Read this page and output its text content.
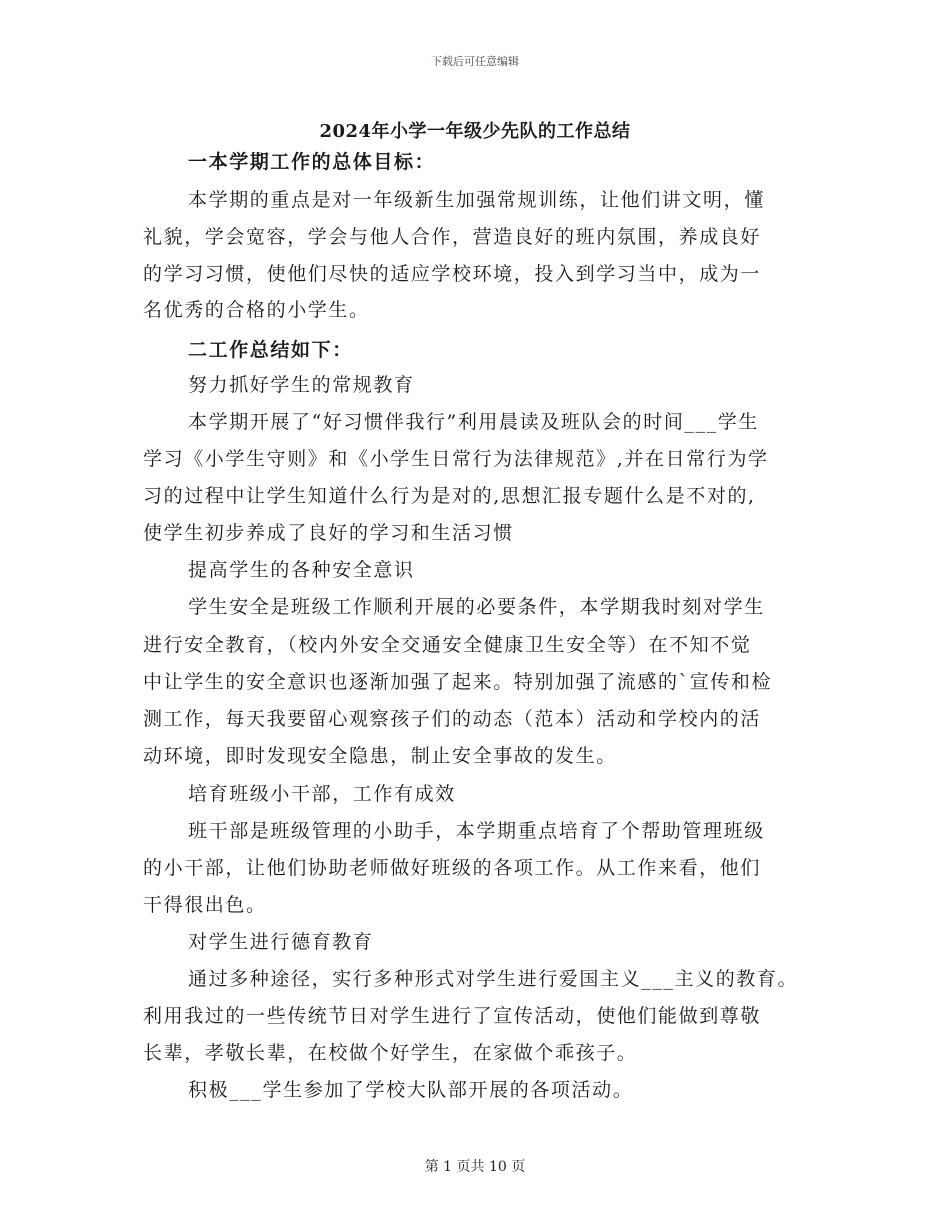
下载后可任意编辑
2024年小学一年级少先队的工作总结
一本学期工作的总体目标：
本学期的重点是对一年级新生加强常规训练，让他们讲文明，懂
礼貌，学会宽容，学会与他人合作，营造良好的班内氛围，养成良好
的学习习惯，使他们尽快的适应学校环境，投入到学习当中，成为一
名优秀的合格的小学生。
二工作总结如下：
努力抓好学生的常规教育
本学期开展了“好习惯伴我行”利用晨读及班队会的时间___学生
学习《小学生守则》和《小学生日常行为法律规范》,并在日常行为学
习的过程中让学生知道什么行为是对的,思想汇报专题什么是不对的,
使学生初步养成了良好的学习和生活习惯
提高学生的各种安全意识
学生安全是班级工作顺利开展的必要条件，本学期我时刻对学生
进行安全教育，（校内外安全交通安全健康卫生安全等）在不知不觉
中让学生的安全意识也逐渐加强了起来。特别加强了流感的`宣传和检
测工作，每天我要留心观察孩子们的动态（范本）活动和学校内的活
动环境，即时发现安全隐患，制止安全事故的发生。
培育班级小干部，工作有成效
班干部是班级管理的小助手，本学期重点培育了个帮助管理班级
的小干部，让他们协助老师做好班级的各项工作。从工作来看，他们
干得很出色。
对学生进行德育教育
通过多种途径，实行多种形式对学生进行爱国主义___主义的教育。
利用我过的一些传统节日对学生进行了宣传活动，使他们能做到尊敬
长辈，孝敬长辈，在校做个好学生，在家做个乖孩子。
积极___学生参加了学校大队部开展的各项活动。
第 1 页共 10 页
